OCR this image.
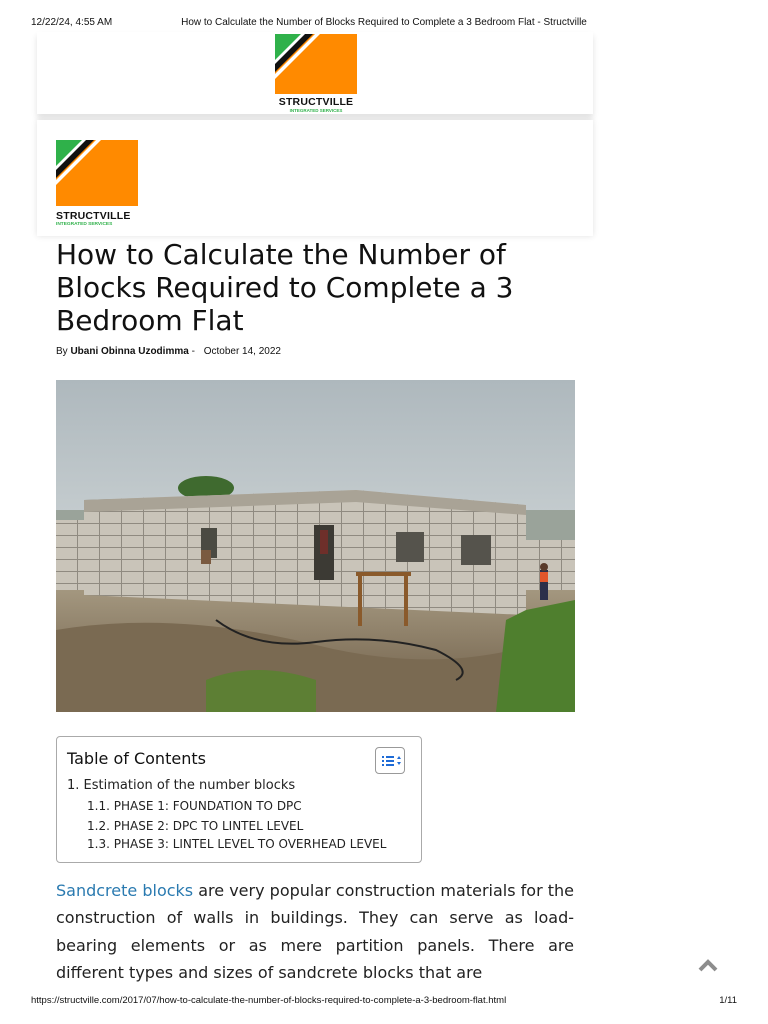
12/22/24, 4:55 AM	How to Calculate the Number of Blocks Required to Complete a 3 Bedroom Flat - Structville
STRUCTVILLE
INTEGRATED SERVICES
STRUCTVILLE
INTEGRATED SERVICES
How to Calculate the Number of Blocks Required to Complete a 3 Bedroom Flat
By Ubani Obinna Uzodimma - October 14, 2022
Table of Contents
1. Estimation of the number blocks
1.1. PHASE 1: FOUNDATION TO DPC
1.2. PHASE 2: DPC TO LINTEL LEVEL
1.3. PHASE 3: LINTEL LEVEL TO OVERHEAD LEVEL

Sandcrete blocks are very popular construction materials for the construction of walls in buildings. They can serve as load-bearing elements or as mere partition panels. There are different types and sizes of sandcrete blocks that are

https://structville.com/2017/07/how-to-calculate-the-number-of-blocks-required-to-complete-a-3-bedroom-flat.html	1/11
